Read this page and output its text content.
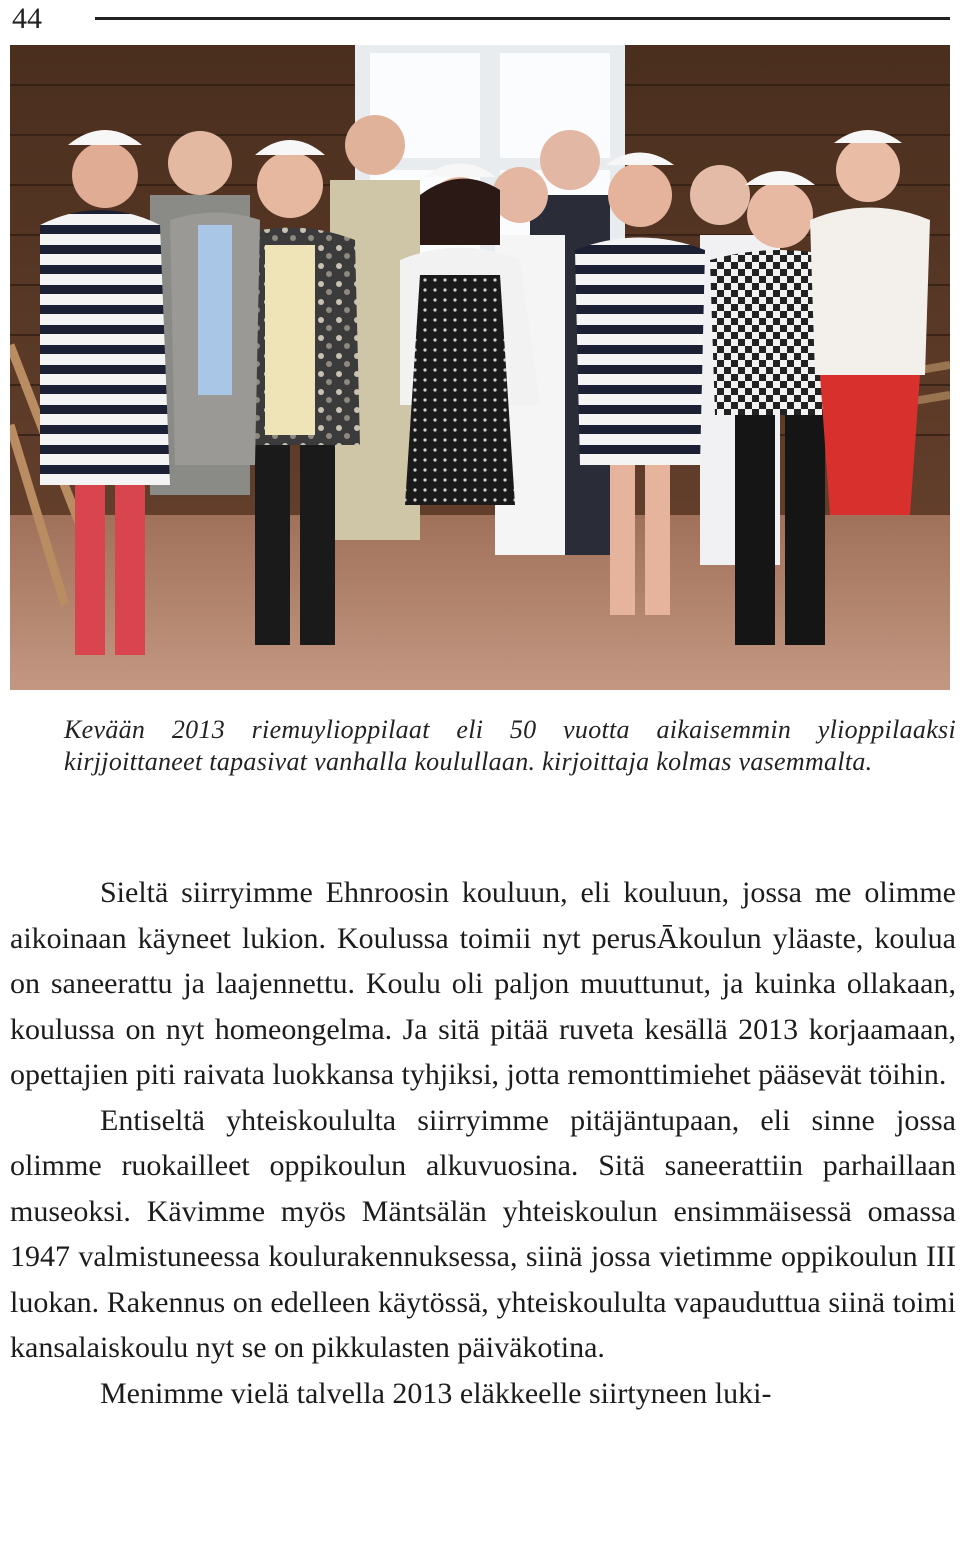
44

Kevään 2013 riemuylioppilaat eli 50 vuotta aikaisemmin ylioppilaaksi kirjjoittaneet tapasivat vanhalla koulullaan. kirjoittaja kolmas vasemmalta.

Sieltä siirryimme Ehnroosin kouluun, eli kouluun, jossa me olimme aikoinaan käyneet lukion. Koulussa toimii nyt perusĀkoulun yläaste, koulua on saneerattu ja laajennettu. Koulu oli paljon muuttunut, ja kuinka ollakaan, koulussa on nyt homeongelma. Ja sitä pitää ruveta kesällä 2013 korjaamaan, opettajien piti raivata luokkansa tyhjiksi, jotta remonttimiehet pääsevät töihin.

Entiseltä yhteiskoululta siirryimme pitäjäntupaan, eli sinne jossa olimme ruokailleet oppikoulun alkuvuosina. Sitä saneerattiin parhaillaan museoksi. Kävimme myös Mäntsälän yhteiskoulun ensimmäisessä omassa 1947 valmistuneessa koulurakennuksessa, siinä jossa vietimme oppikoulun III luokan. Rakennus on edelleen käytössä, yhteiskoululta vapauduttua siinä toimi kansalaiskoulu nyt se on pikkulasten päiväkotina.

Menimme vielä talvella 2013 eläkkeelle siirtyneen luki-
